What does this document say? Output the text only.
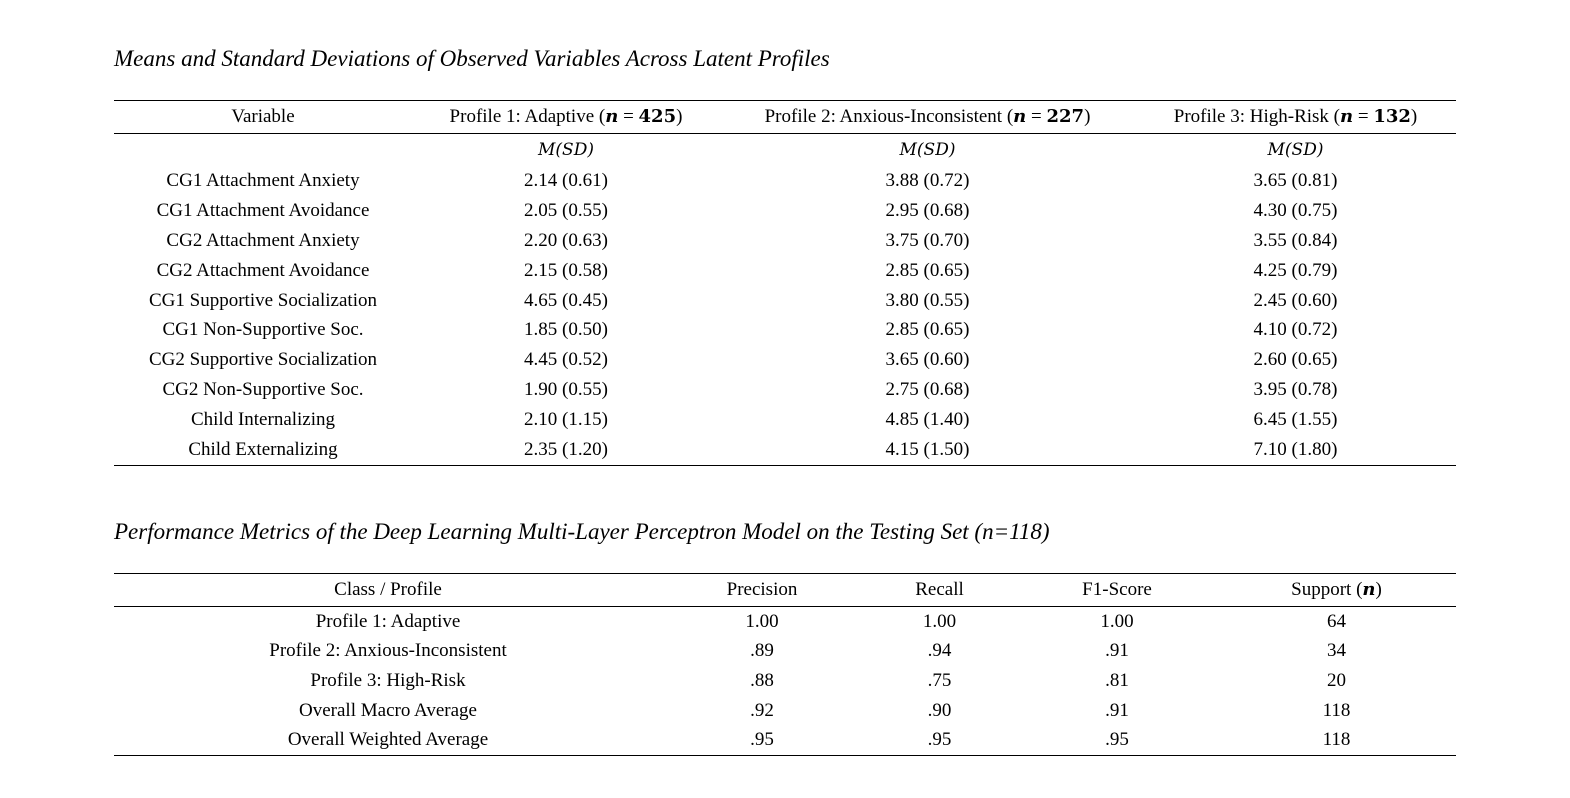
Means and Standard Deviations of Observed Variables Across Latent Profiles
Variable	Profile 1: Adaptive (n = 425)	Profile 2: Anxious-Inconsistent (n = 227)	Profile 3: High-Risk (n = 132)
	M(SD)	M(SD)	M(SD)
CG1 Attachment Anxiety	2.14 (0.61)	3.88 (0.72)	3.65 (0.81)
CG1 Attachment Avoidance	2.05 (0.55)	2.95 (0.68)	4.30 (0.75)
CG2 Attachment Anxiety	2.20 (0.63)	3.75 (0.70)	3.55 (0.84)
CG2 Attachment Avoidance	2.15 (0.58)	2.85 (0.65)	4.25 (0.79)
CG1 Supportive Socialization	4.65 (0.45)	3.80 (0.55)	2.45 (0.60)
CG1 Non-Supportive Soc.	1.85 (0.50)	2.85 (0.65)	4.10 (0.72)
CG2 Supportive Socialization	4.45 (0.52)	3.65 (0.60)	2.60 (0.65)
CG2 Non-Supportive Soc.	1.90 (0.55)	2.75 (0.68)	3.95 (0.78)
Child Internalizing	2.10 (1.15)	4.85 (1.40)	6.45 (1.55)
Child Externalizing	2.35 (1.20)	4.15 (1.50)	7.10 (1.80)
Performance Metrics of the Deep Learning Multi-Layer Perceptron Model on the Testing Set (n=118)
Class / Profile	Precision	Recall	F1-Score	Support (n)
Profile 1: Adaptive	1.00	1.00	1.00	64
Profile 2: Anxious-Inconsistent	.89	.94	.91	34
Profile 3: High-Risk	.88	.75	.81	20
Overall Macro Average	.92	.90	.91	118
Overall Weighted Average	.95	.95	.95	118
